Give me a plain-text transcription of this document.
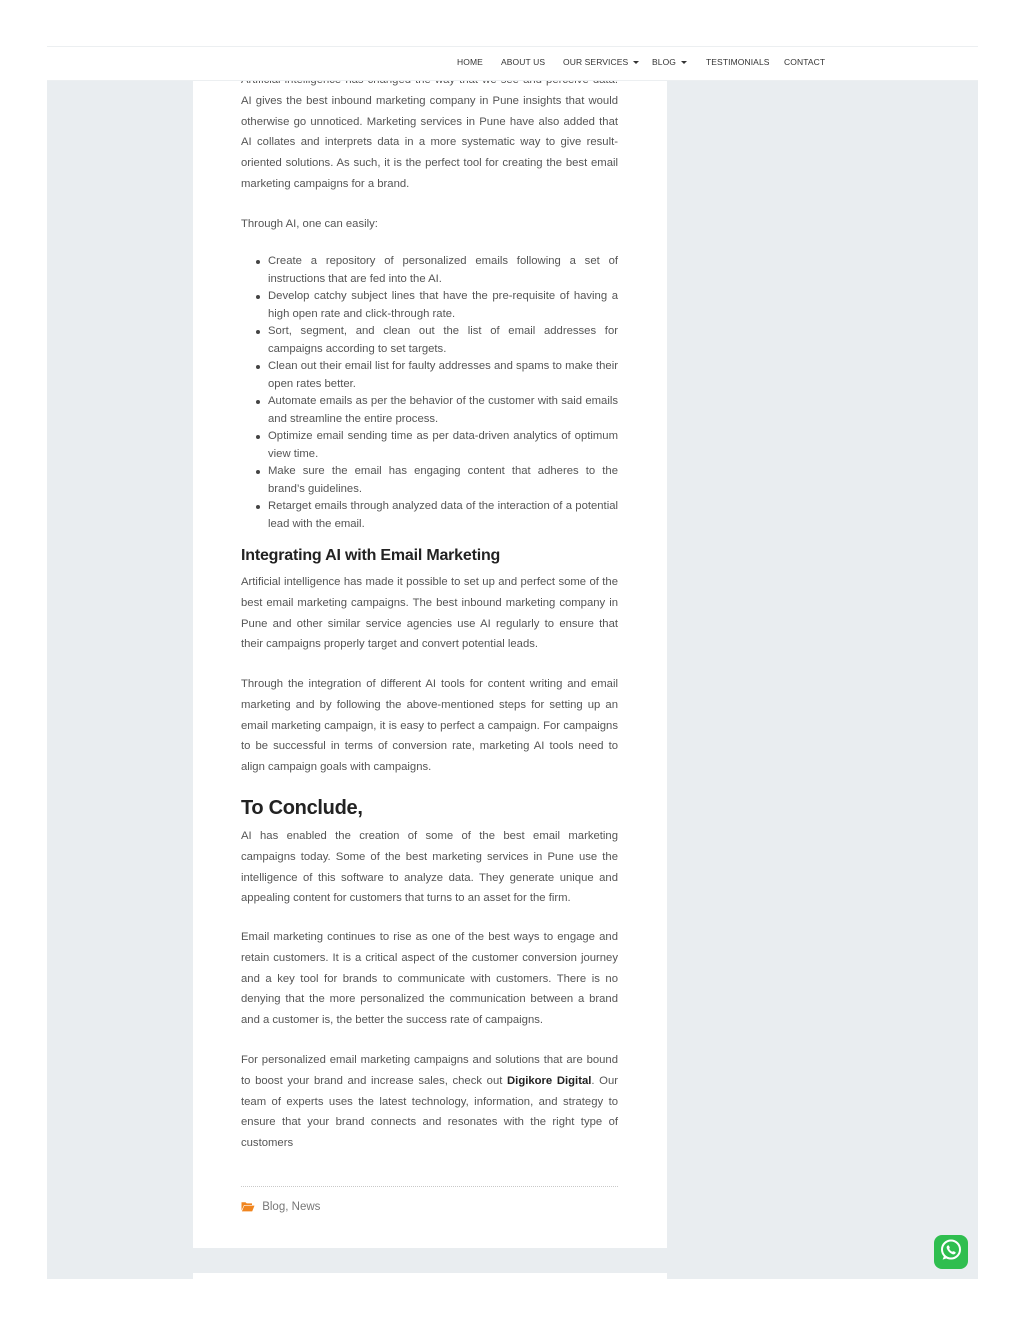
AI gives the best inbound marketing company in Pune insights that would otherwise go unnoticed. Marketing services in Pune have also added that AI collates and interprets data in a more systematic way to give result-oriented solutions. As such, it is the perfect tool for creating the best email marketing campaigns for a brand.

Through AI, one can easily:

Create a repository of personalized emails following a set of instructions that are fed into the AI.
Develop catchy subject lines that have the pre-requisite of having a high open rate and click-through rate.
Sort, segment, and clean out the list of email addresses for campaigns according to set targets.
Clean out their email list for faulty addresses and spams to make their open rates better.
Automate emails as per the behavior of the customer with said emails and streamline the entire process.
Optimize email sending time as per data-driven analytics of optimum view time.
Make sure the email has engaging content that adheres to the brand’s guidelines.
Retarget emails through analyzed data of the interaction of a potential lead with the email.
Integrating AI with Email Marketing

Artificial intelligence has made it possible to set up and perfect some of the best email marketing campaigns. The best inbound marketing company in Pune and other similar service agencies use AI regularly to ensure that their campaigns properly target and convert potential leads.

Through the integration of different AI tools for content writing and email marketing and by following the above-mentioned steps for setting up an email marketing campaign, it is easy to perfect a campaign. For campaigns to be successful in terms of conversion rate, marketing AI tools need to align campaign goals with campaigns.

To Conclude,

AI has enabled the creation of some of the best email marketing campaigns today. Some of the best marketing services in Pune use the intelligence of this software to analyze data. They generate unique and appealing content for customers that turns to an asset for the firm.

Email marketing continues to rise as one of the best ways to engage and retain customers. It is a critical aspect of the customer conversion journey and a key tool for brands to communicate with customers. There is no denying that the more personalized the communication between a brand and a customer is, the better the success rate of campaigns.

For personalized email marketing campaigns and solutions that are bound to boost your brand and increase sales, check out Digikore Digital. Our team of experts uses the latest technology, information, and strategy to ensure that your brand connects and resonates with the right type of customers

Blog, News
HOME ABOUT US OUR SERVICES	BLOG	TESTIMONIALS CONTACT
